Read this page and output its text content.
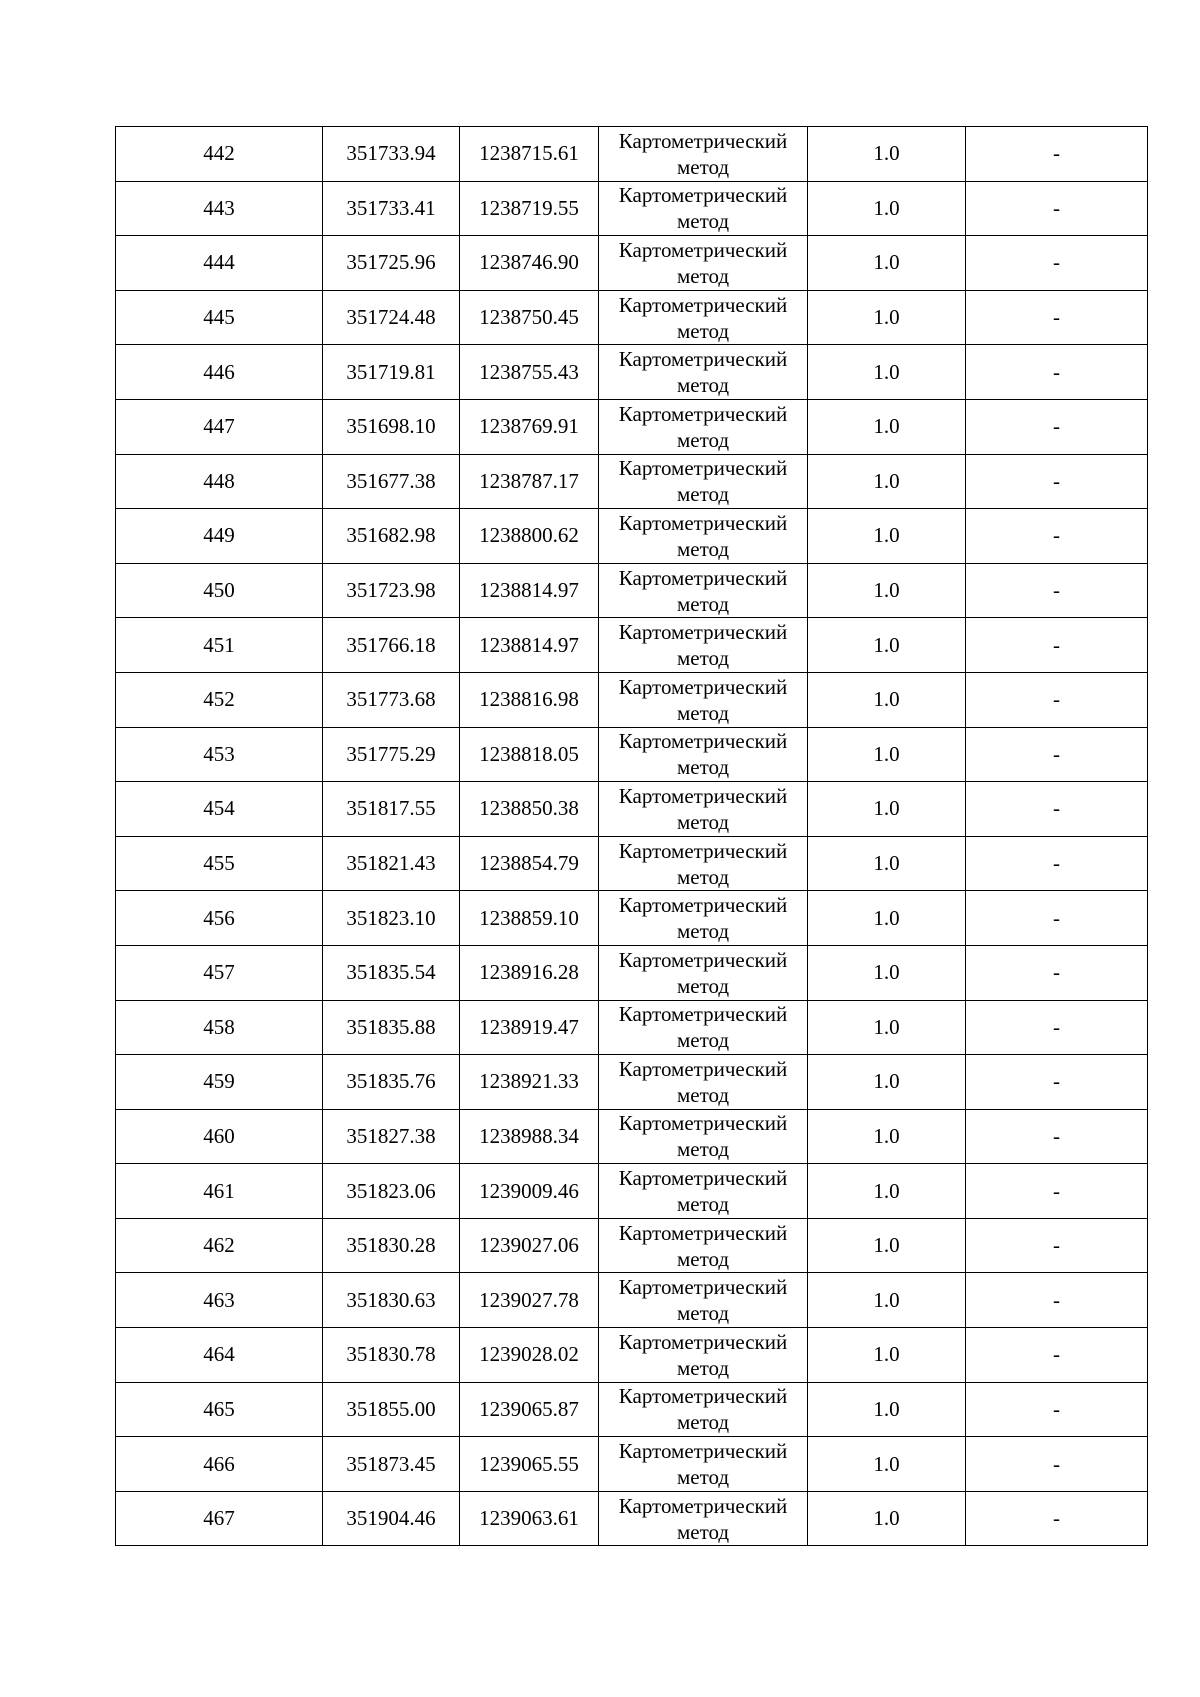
442	351733.94	1238715.61	Картометрический
метод	1.0	-
443	351733.41	1238719.55	Картометрический
метод	1.0	-
444	351725.96	1238746.90	Картометрический
метод	1.0	-
445	351724.48	1238750.45	Картометрический
метод	1.0	-
446	351719.81	1238755.43	Картометрический
метод	1.0	-
447	351698.10	1238769.91	Картометрический
метод	1.0	-
448	351677.38	1238787.17	Картометрический
метод	1.0	-
449	351682.98	1238800.62	Картометрический
метод	1.0	-
450	351723.98	1238814.97	Картометрический
метод	1.0	-
451	351766.18	1238814.97	Картометрический
метод	1.0	-
452	351773.68	1238816.98	Картометрический
метод	1.0	-
453	351775.29	1238818.05	Картометрический
метод	1.0	-
454	351817.55	1238850.38	Картометрический
метод	1.0	-
455	351821.43	1238854.79	Картометрический
метод	1.0	-
456	351823.10	1238859.10	Картометрический
метод	1.0	-
457	351835.54	1238916.28	Картометрический
метод	1.0	-
458	351835.88	1238919.47	Картометрический
метод	1.0	-
459	351835.76	1238921.33	Картометрический
метод	1.0	-
460	351827.38	1238988.34	Картометрический
метод	1.0	-
461	351823.06	1239009.46	Картометрический
метод	1.0	-
462	351830.28	1239027.06	Картометрический
метод	1.0	-
463	351830.63	1239027.78	Картометрический
метод	1.0	-
464	351830.78	1239028.02	Картометрический
метод	1.0	-
465	351855.00	1239065.87	Картометрический
метод	1.0	-
466	351873.45	1239065.55	Картометрический
метод	1.0	-
467	351904.46	1239063.61	Картометрический
метод	1.0	-
